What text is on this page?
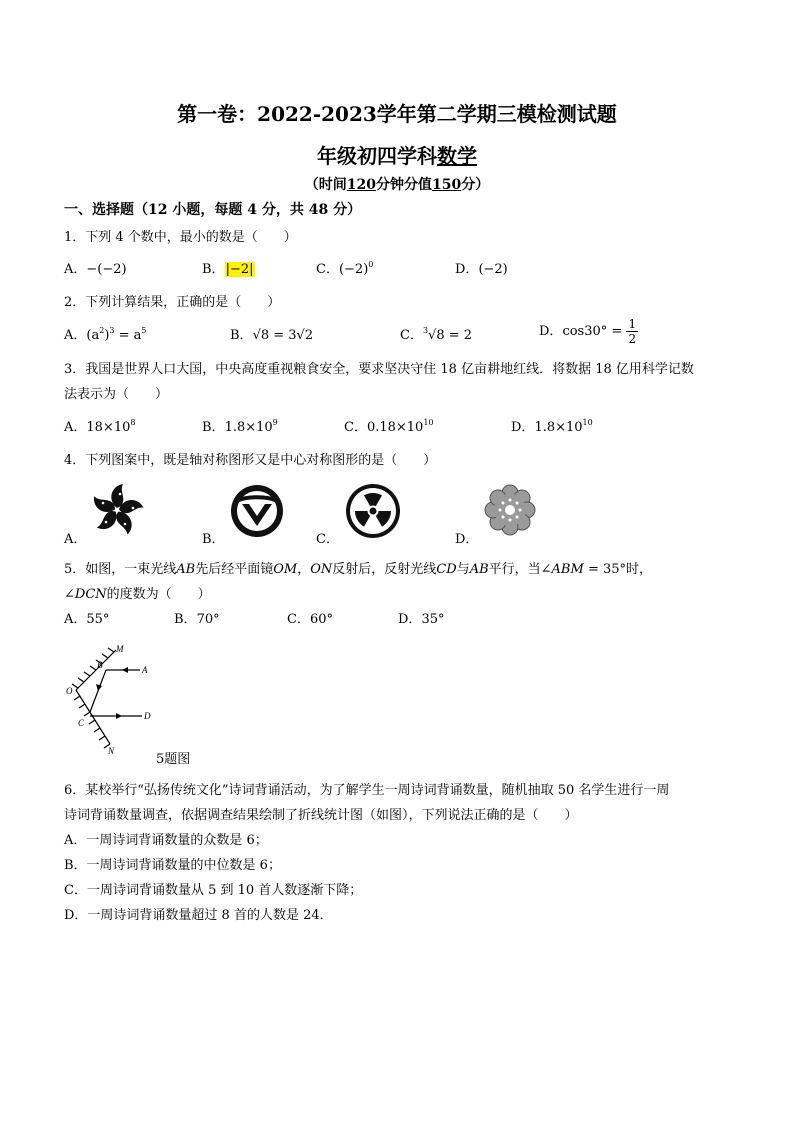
第一卷：2022-2023学年第二学期三模检测试题
年级初四学科数学
（时间120分钟分值150分）
一、选择题（12 小题，每题 4 分，共 48 分）
1．下列 4 个数中，最小的数是（　　）
A．−(−2)	B．|−2|	C．$(-2)^0$	D．(−2)
2．下列计算结果，正确的是（　　）
A．$(a^2)^3 = a^5$	B．√8 = 3√2	C．$^3$√8 = 2	D．$\cos 30^\circ = \frac{1}{2}$
3．我国是世界人口大国，中央高度重视粮食安全，要求坚决守住 18 亿亩耕地红线．将数据 18 亿用科学记数
法表示为（　　）
A．$18\times 10^8$	B．$1.8\times 10^9$	C．$0.18\times 10^{10}$	D．$1.8\times 10^{10}$
4．下列图案中，既是轴对称图形又是中心对称图形的是（　　）
A．	B．	C．	D．
5．如图，一束光线AB先后经平面镜OM，ON反射后，反射光线CD与AB平行，当∠ABM = 35°时，
∠DCN的度数为（　　）
A．55°	B．70°	C．60°	D．35°
M
B	A
O
C
D
N
5题图
6．某校举行“弘扬传统文化”诗词背诵活动，为了解学生一周诗词背诵数量，随机抽取 50 名学生进行一周
诗词背诵数量调查，依据调查结果绘制了折线统计图（如图），下列说法正确的是（　　）
A．一周诗词背诵数量的众数是 6；
B．一周诗词背诵数量的中位数是 6；
C．一周诗词背诵数量从 5 到 10 首人数逐渐下降；
D．一周诗词背诵数量超过 8 首的人数是 24．
